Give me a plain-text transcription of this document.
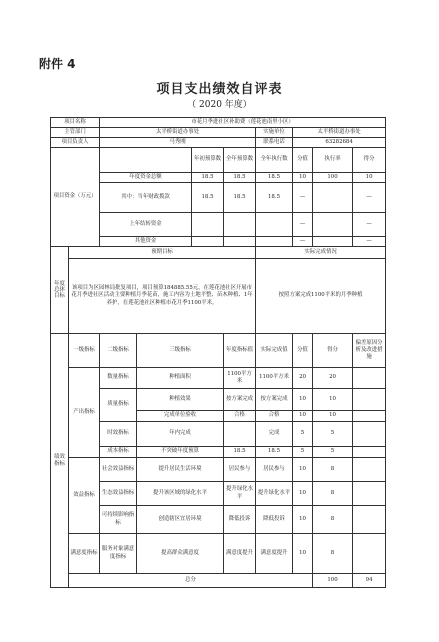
附件 4
项目支出绩效自评表
（ 2020 年度）
项目名称		市花月季进社区补助费（莲花池南里小区）								
主管部门		太平桥街道办事处				实施单位	太平桥街道办事处			
项目负责人		马秀刚				联系电话	63282684			
项目资金（万元）				年初预算数	全年预算数	全年执行数	分值	执行率	得分	
		年度资金总额		18.5	18.5	18.5	10	100	10	
		其中：当年财政拨款		18.5	18.5	18.5	—		—	
		上年结转资金					—		—	
		其他资金					—		—	
年度总体目标	预期目标					实际完成情况				
	该项目为区园林局批复项目，项目预算184885.55元，在莲花池社区开展市花月季进社区活动主要种植月季花苗，施工内容为土地平整、苗木种植、1年养护，在莲花池社区种植市花月季1100平米。					按照方案完成1100平米的月季种植				
绩效指标	一级指标	二级指标	三级指标		年度指标值	实际完成值	分值	得分	偏差原因分析及改进措施	
	产出指标	数量指标	种植面积		1100平方米	1100平方米	20	20		
		质量指标	种植效果		按方案完成	按方案完成	10	10		
			完成单位验收		合格	合格	10	10		
		时效指标	年内完成			完成	5	5		
		成本指标	不突破年度预算		18.5	18.5	5	5		
	效益指标	社会效益指标	提升居民生活环境		居民参与	居民参与	10	8		
		生态效益指标	提升该区域的绿化水平		提升绿化水平	提升绿化水平	10	8		
		可持续影响指标	创造辖区宜居环境		降低投诉	降低投诉	10	8		
	满意度指标	服务对象满意度指标	提高群众满意度		满意度提升	满意度提升	10	8		
	总分							100	94	
